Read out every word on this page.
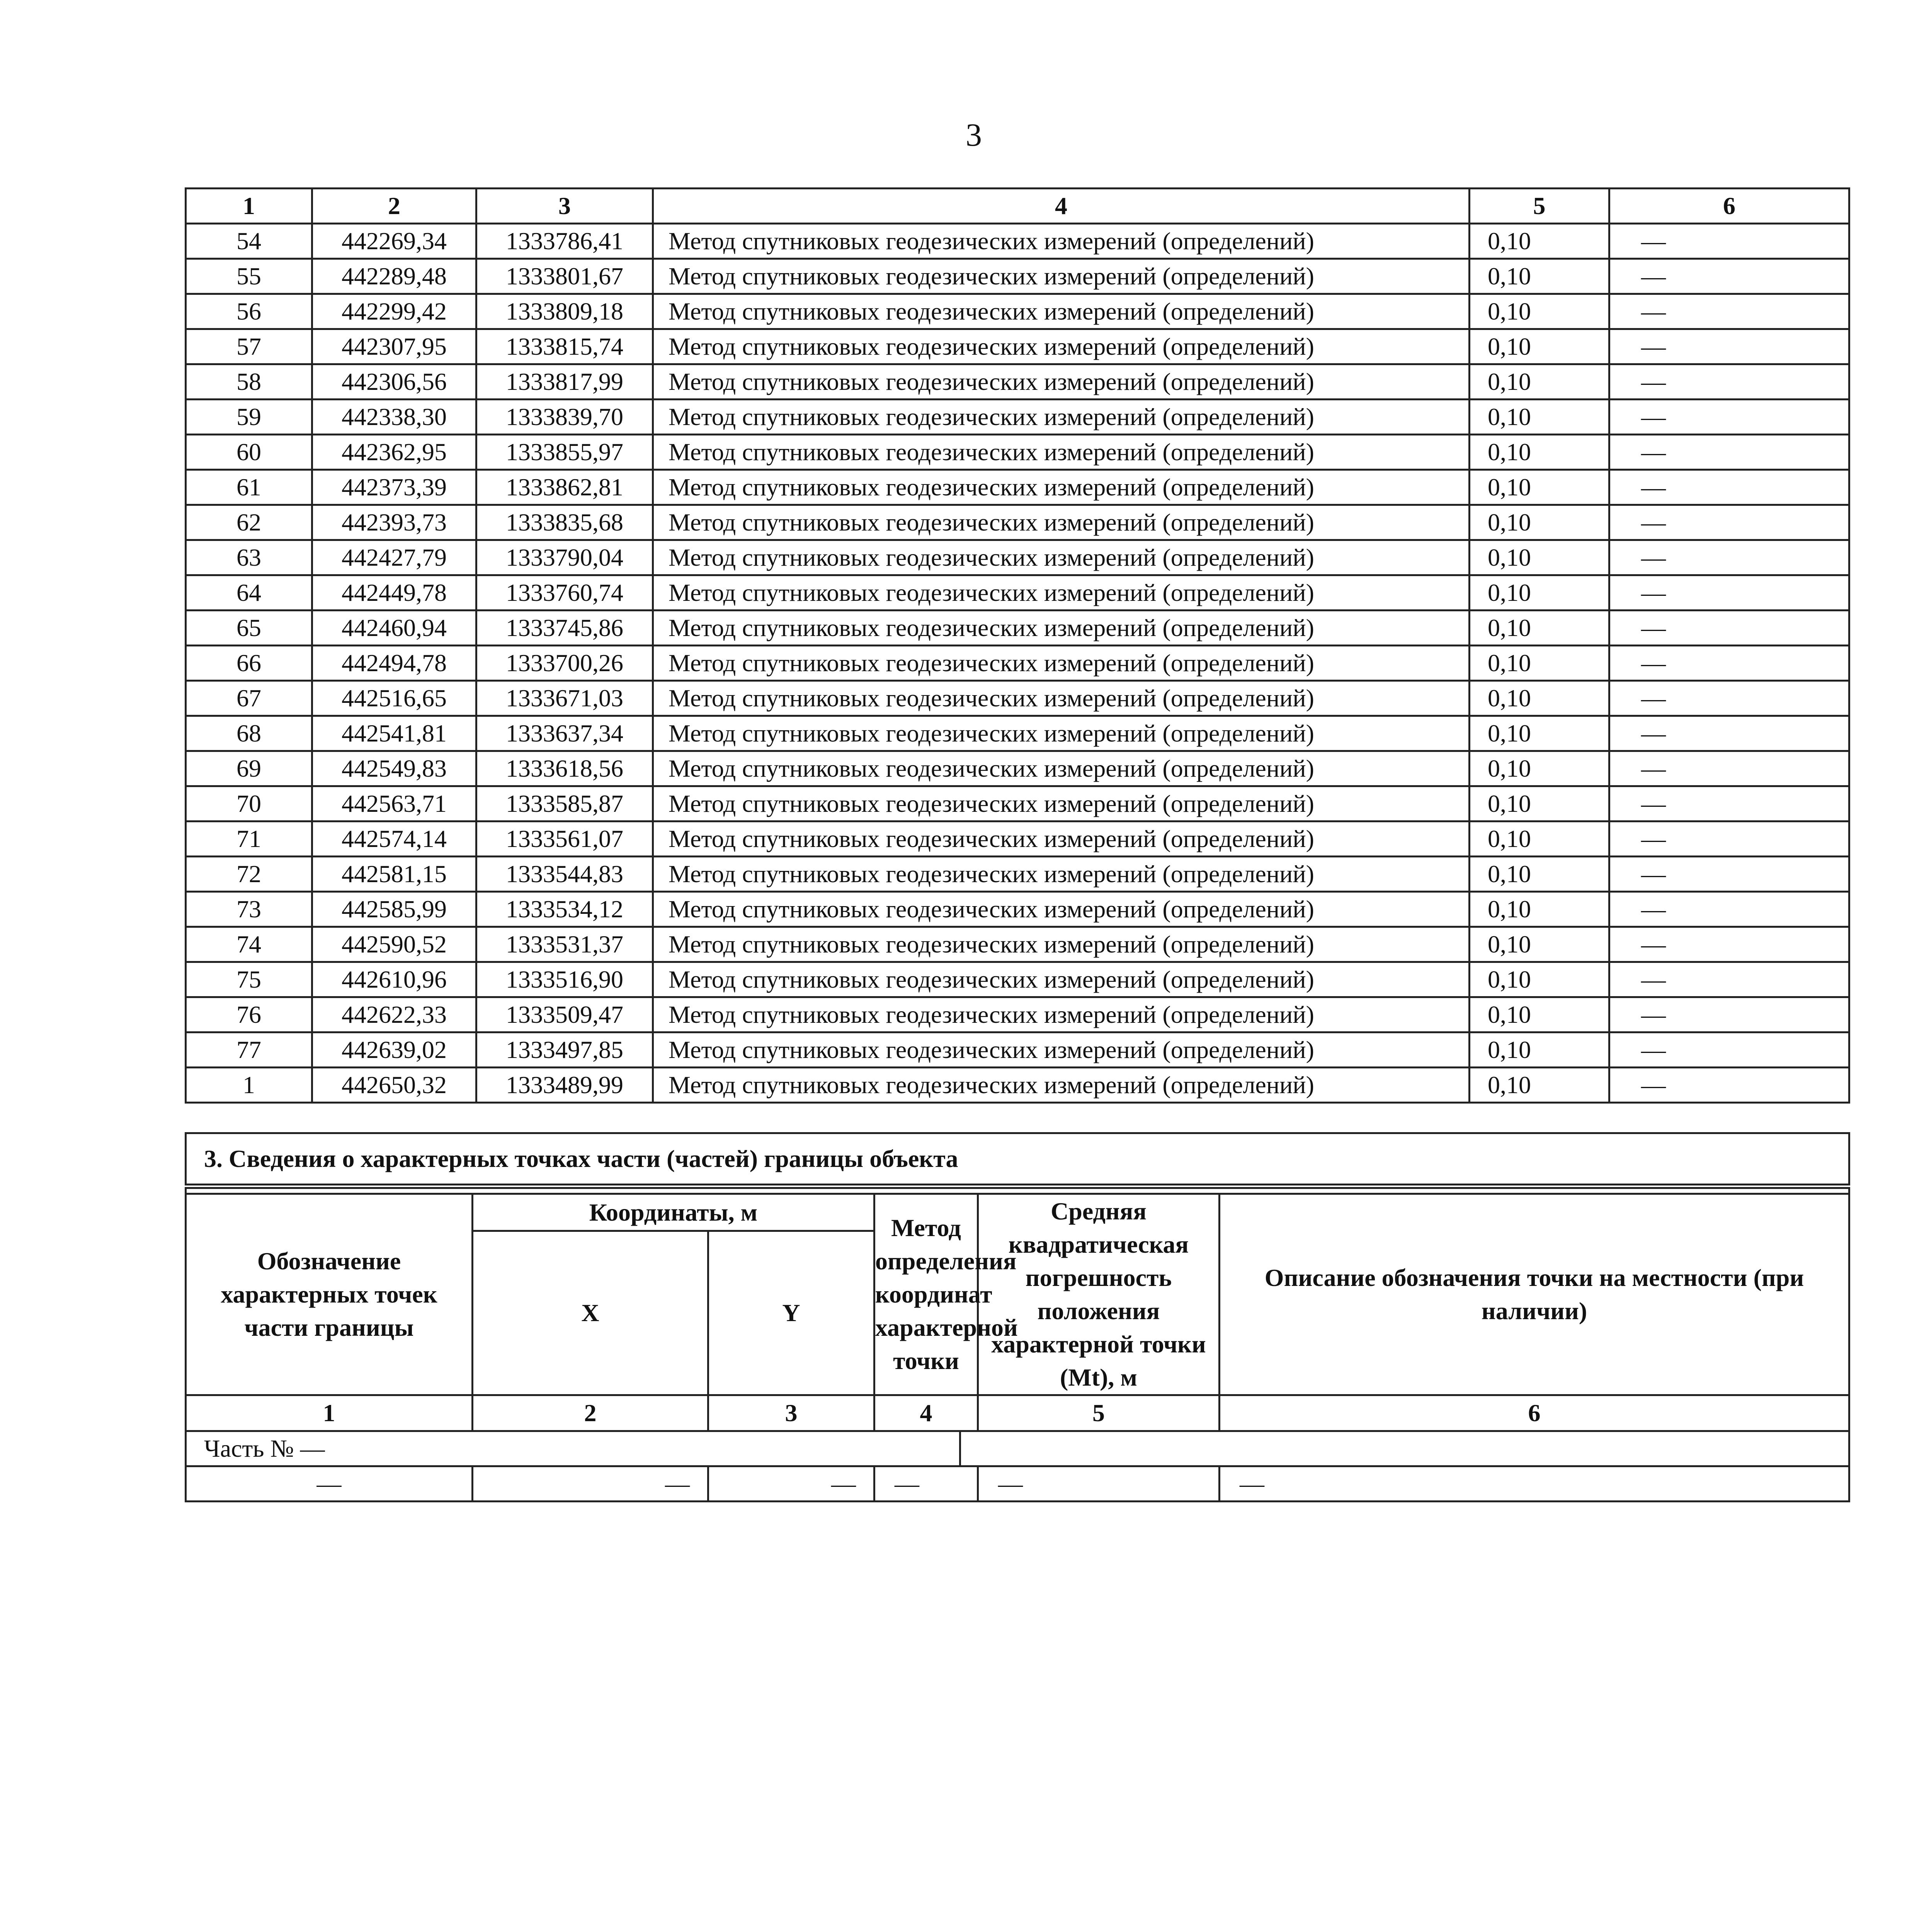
3
1	2	3	4	5	6
54	442269,34	1333786,41	Метод спутниковых геодезических измерений (определений)	0,10	—
55	442289,48	1333801,67	Метод спутниковых геодезических измерений (определений)	0,10	—
56	442299,42	1333809,18	Метод спутниковых геодезических измерений (определений)	0,10	—
57	442307,95	1333815,74	Метод спутниковых геодезических измерений (определений)	0,10	—
58	442306,56	1333817,99	Метод спутниковых геодезических измерений (определений)	0,10	—
59	442338,30	1333839,70	Метод спутниковых геодезических измерений (определений)	0,10	—
60	442362,95	1333855,97	Метод спутниковых геодезических измерений (определений)	0,10	—
61	442373,39	1333862,81	Метод спутниковых геодезических измерений (определений)	0,10	—
62	442393,73	1333835,68	Метод спутниковых геодезических измерений (определений)	0,10	—
63	442427,79	1333790,04	Метод спутниковых геодезических измерений (определений)	0,10	—
64	442449,78	1333760,74	Метод спутниковых геодезических измерений (определений)	0,10	—
65	442460,94	1333745,86	Метод спутниковых геодезических измерений (определений)	0,10	—
66	442494,78	1333700,26	Метод спутниковых геодезических измерений (определений)	0,10	—
67	442516,65	1333671,03	Метод спутниковых геодезических измерений (определений)	0,10	—
68	442541,81	1333637,34	Метод спутниковых геодезических измерений (определений)	0,10	—
69	442549,83	1333618,56	Метод спутниковых геодезических измерений (определений)	0,10	—
70	442563,71	1333585,87	Метод спутниковых геодезических измерений (определений)	0,10	—
71	442574,14	1333561,07	Метод спутниковых геодезических измерений (определений)	0,10	—
72	442581,15	1333544,83	Метод спутниковых геодезических измерений (определений)	0,10	—
73	442585,99	1333534,12	Метод спутниковых геодезических измерений (определений)	0,10	—
74	442590,52	1333531,37	Метод спутниковых геодезических измерений (определений)	0,10	—
75	442610,96	1333516,90	Метод спутниковых геодезических измерений (определений)	0,10	—
76	442622,33	1333509,47	Метод спутниковых геодезических измерений (определений)	0,10	—
77	442639,02	1333497,85	Метод спутниковых геодезических измерений (определений)	0,10	—
1	442650,32	1333489,99	Метод спутниковых геодезических измерений (определений)	0,10	—
3. Сведения о характерных точках части (частей) границы объекта						

Обозначение характерных точек части границы	Координаты, м		Метод определения координат характерной точки		Средняя квадратическая погрешность положения характерной точки (Mt), м	Описание обозначения точки на местности (при наличии)
	X	Y				
1	2	3	4		5	6
Часть № —						
—	—	—	—		—	—
